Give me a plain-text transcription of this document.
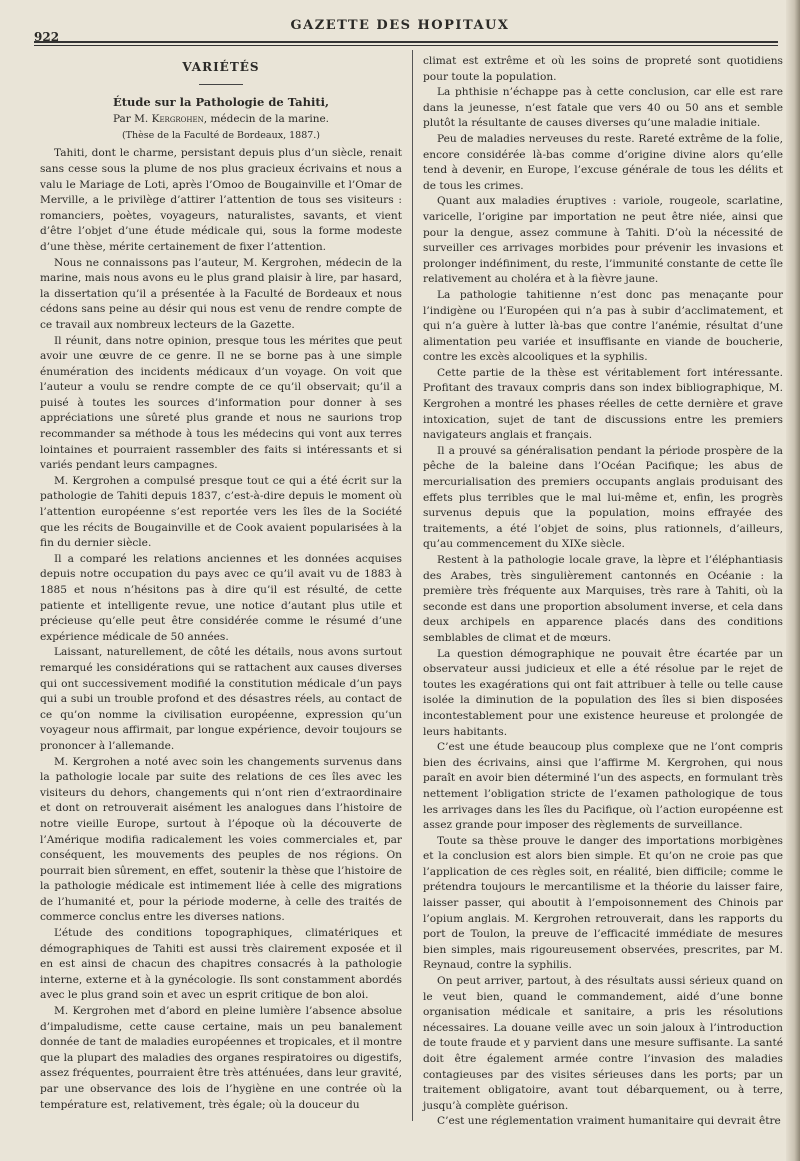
922
GAZETTE DES HOPITAUX
VARIÉTÉS
Étude sur la Pathologie de Tahiti,
Par M. Kergrohen, médecin de la marine.
(Thèse de la Faculté de Bordeaux, 1887.)

Tahiti, dont le charme, persistant depuis plus d’un siècle, renait sans cesse sous la plume de nos plus gracieux écrivains et nous a valu le Mariage de Loti, après l’Omoo de Bougainville et l’Omar de Merville, a le privilège d’attirer l’attention de tous ses visiteurs : romanciers, poètes, voyageurs, naturalistes, savants, et vient d’être l’objet d’une étude médicale qui, sous la forme modeste d’une thèse, mérite certainement de fixer l’attention.

Nous ne connaissons pas l’auteur, M. Kergrohen, médecin de la marine, mais nous avons eu le plus grand plaisir à lire, par hasard, la dissertation qu’il a présentée à la Faculté de Bordeaux et nous cédons sans peine au désir qui nous est venu de rendre compte de ce travail aux nombreux lecteurs de la Gazette.

Il réunit, dans notre opinion, presque tous les mérites que peut avoir une œuvre de ce genre. Il ne se borne pas à une simple énumération des incidents médicaux d’un voyage. On voit que l’auteur a voulu se rendre compte de ce qu’il observait; qu’il a puisé à toutes les sources d’information pour donner à ses appréciations une sûreté plus grande et nous ne saurions trop recommander sa méthode à tous les médecins qui vont aux terres lointaines et pourraient rassembler des faits si intéressants et si variés pendant leurs campagnes.

M. Kergrohen a compulsé presque tout ce qui a été écrit sur la pathologie de Tahiti depuis 1837, c’est-à-dire depuis le moment où l’attention européenne s’est reportée vers les îles de la Société que les récits de Bougainville et de Cook avaient popularisées à la fin du dernier siècle.

Il a comparé les relations anciennes et les données acquises depuis notre occupation du pays avec ce qu’il avait vu de 1883 à 1885 et nous n’hésitons pas à dire qu’il est résulté, de cette patiente et intelligente revue, une notice d’autant plus utile et précieuse qu’elle peut être considérée comme le résumé d’une expérience médicale de 50 années.

Laissant, naturellement, de côté les détails, nous avons surtout remarqué les considérations qui se rattachent aux causes diverses qui ont successivement modifié la constitution médicale d’un pays qui a subi un trouble profond et des désastres réels, au contact de ce qu’on nomme la civilisation européenne, expression qu’un voyageur nous affirmait, par longue expérience, devoir toujours se prononcer à l’allemande.

M. Kergrohen a noté avec soin les changements survenus dans la pathologie locale par suite des relations de ces îles avec les visiteurs du dehors, changements qui n’ont rien d’extraordinaire et dont on retrouverait aisément les analogues dans l’histoire de notre vieille Europe, surtout à l’époque où la découverte de l’Amérique modifia radicalement les voies commerciales et, par conséquent, les mouvements des peuples de nos régions. On pourrait bien sûrement, en effet, soutenir la thèse que l’histoire de la pathologie médicale est intimement liée à celle des migrations de l’humanité et, pour la période moderne, à celle des traités de commerce conclus entre les diverses nations.

L’étude des conditions topographiques, climatériques et démographiques de Tahiti est aussi très clairement exposée et il en est ainsi de chacun des chapitres consacrés à la pathologie interne, externe et à la gynécologie. Ils sont constamment abordés avec le plus grand soin et avec un esprit critique de bon aloi.

M. Kergrohen met d’abord en pleine lumière l’absence absolue d’impaludisme, cette cause certaine, mais un peu banalement donnée de tant de maladies européennes et tropicales, et il montre que la plupart des maladies des organes respiratoires ou digestifs, assez fréquentes, pourraient être très atténuées, dans leur gravité, par une observance des lois de l’hygiène en une contrée où la température est, relativement, très égale; où la douceur du

climat est extrême et où les soins de propreté sont quotidiens pour toute la population.

La phthisie n’échappe pas à cette conclusion, car elle est rare dans la jeunesse, n’est fatale que vers 40 ou 50 ans et semble plutôt la résultante de causes diverses qu’une maladie initiale.

Peu de maladies nerveuses du reste. Rareté extrême de la folie, encore considérée là-bas comme d’origine divine alors qu’elle tend à devenir, en Europe, l’excuse générale de tous les délits et de tous les crimes.

Quant aux maladies éruptives : variole, rougeole, scarlatine, varicelle, l’origine par importation ne peut être niée, ainsi que pour la dengue, assez commune à Tahiti. D’où la nécessité de surveiller ces arrivages morbides pour prévenir les invasions et prolonger indéfiniment, du reste, l’immunité constante de cette île relativement au choléra et à la fièvre jaune.

La pathologie tahitienne n’est donc pas menaçante pour l’indigène ou l’Européen qui n’a pas à subir d’acclimatement, et qui n’a guère à lutter là-bas que contre l’anémie, résultat d’une alimentation peu variée et insuffisante en viande de boucherie, contre les excès alcooliques et la syphilis.

Cette partie de la thèse est véritablement fort intéressante. Profitant des travaux compris dans son index bibliographique, M. Kergrohen a montré les phases réelles de cette dernière et grave intoxication, sujet de tant de discussions entre les premiers navigateurs anglais et français.

Il a prouvé sa généralisation pendant la période prospère de la pêche de la baleine dans l’Océan Pacifique; les abus de mercurialisation des premiers occupants anglais produisant des effets plus terribles que le mal lui-même et, enfin, les progrès survenus depuis que la population, moins effrayée des traitements, a été l’objet de soins, plus rationnels, d’ailleurs, qu’au commencement du XIXe siècle.

Restent à la pathologie locale grave, la lèpre et l’éléphantiasis des Arabes, très singulièrement cantonnés en Océanie : la première très fréquente aux Marquises, très rare à Tahiti, où la seconde est dans une proportion absolument inverse, et cela dans deux archipels en apparence placés dans des conditions semblables de climat et de mœurs.

La question démographique ne pouvait être écartée par un observateur aussi judicieux et elle a été résolue par le rejet de toutes les exagérations qui ont fait attribuer à telle ou telle cause isolée la diminution de la population des îles si bien disposées incontestablement pour une existence heureuse et prolongée de leurs habitants.

C’est une étude beaucoup plus complexe que ne l’ont compris bien des écrivains, ainsi que l’affirme M. Kergrohen, qui nous paraît en avoir bien déterminé l’un des aspects, en formulant très nettement l’obligation stricte de l’examen pathologique de tous les arrivages dans les îles du Pacifique, où l’action européenne est assez grande pour imposer des règlements de surveillance.

Toute sa thèse prouve le danger des importations morbigènes et la conclusion est alors bien simple. Et qu’on ne croie pas que l’application de ces règles soit, en réalité, bien difficile; comme le prétendra toujours le mercantilisme et la théorie du laisser faire, laisser passer, qui aboutit à l’empoisonnement des Chinois par l’opium anglais. M. Kergrohen retrouverait, dans les rapports du port de Toulon, la preuve de l’efficacité immédiate de mesures bien simples, mais rigoureusement observées, prescrites, par M. Reynaud, contre la syphilis.

On peut arriver, partout, à des résultats aussi sérieux quand on le veut bien, quand le commandement, aidé d’une bonne organisation médicale et sanitaire, a pris les résolutions nécessaires. La douane veille avec un soin jaloux à l’introduction de toute fraude et y parvient dans une mesure suffisante. La santé doit être également armée contre l’invasion des maladies contagieuses par des visites sérieuses dans les ports; par un traitement obligatoire, avant tout débarquement, ou à terre, jusqu’à complète guérison.

C’est une réglementation vraiment humanitaire qui devrait être
